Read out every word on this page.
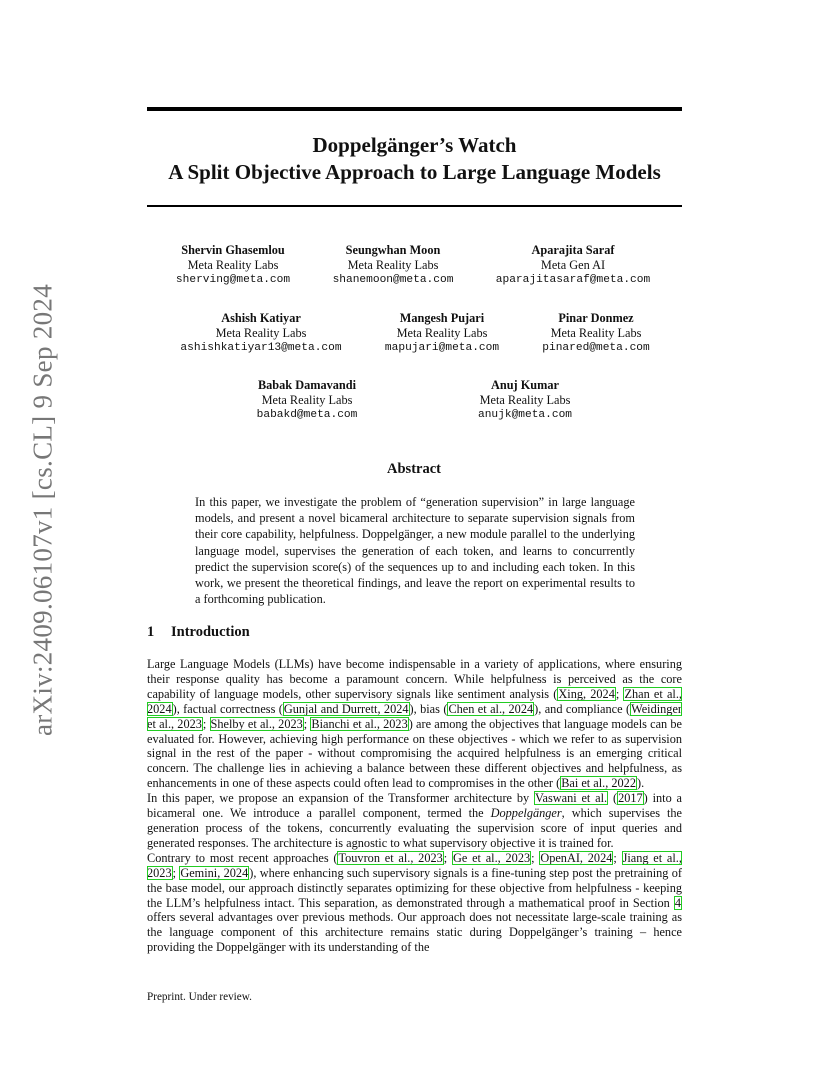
arXiv:2409.06107v1 [cs.CL] 9 Sep 2024
Doppelgänger’s Watch
A Split Objective Approach to Large Language Models
Shervin Ghasemlou
Meta Reality Labs
sherving@meta.com
Seungwhan Moon
Meta Reality Labs
shanemoon@meta.com
Aparajita Saraf
Meta Gen AI
aparajitasaraf@meta.com
Ashish Katiyar
Meta Reality Labs
ashishkatiyar13@meta.com
Mangesh Pujari
Meta Reality Labs
mapujari@meta.com
Pinar Donmez
Meta Reality Labs
pinared@meta.com
Babak Damavandi
Meta Reality Labs
babakd@meta.com
Anuj Kumar
Meta Reality Labs
anujk@meta.com
Abstract
In this paper, we investigate the problem of “generation supervision” in large language models, and present a novel bicameral architecture to separate supervision signals from their core capability, helpfulness. Doppelgänger, a new module parallel to the underlying language model, supervises the generation of each token, and learns to concurrently predict the supervision score(s) of the sequences up to and including each token. In this work, we present the theoretical findings, and leave the report on experimental results to a forthcoming publication.
1 Introduction

Large Language Models (LLMs) have become indispensable in a variety of applications, where ensuring their response quality has become a paramount concern. While helpfulness is perceived as the core capability of language models, other supervisory signals like sentiment analysis (Xing, 2024; Zhan et al., 2024), factual correctness (Gunjal and Durrett, 2024), bias (Chen et al., 2024), and compliance (Weidinger et al., 2023; Shelby et al., 2023; Bianchi et al., 2023) are among the objectives that language models can be evaluated for. However, achieving high performance on these objectives - which we refer to as supervision signal in the rest of the paper - without compromising the acquired helpfulness is an emerging critical concern. The challenge lies in achieving a balance between these different objectives and helpfulness, as enhancements in one of these aspects could often lead to compromises in the other (Bai et al., 2022).

In this paper, we propose an expansion of the Transformer architecture by Vaswani et al. (2017) into a bicameral one. We introduce a parallel component, termed the Doppelgänger, which supervises the generation process of the tokens, concurrently evaluating the supervision score of input queries and generated responses. The architecture is agnostic to what supervisory objective it is trained for.

Contrary to most recent approaches (Touvron et al., 2023; Ge et al., 2023; OpenAI, 2024; Jiang et al., 2023; Gemini, 2024), where enhancing such supervisory signals is a fine-tuning step post the pretraining of the base model, our approach distinctly separates optimizing for these objective from helpfulness - keeping the LLM’s helpfulness intact. This separation, as demonstrated through a mathematical proof in Section 4 offers several advantages over previous methods. Our approach does not necessitate large-scale training as the language component of this architecture remains static during Doppelgänger’s training – hence providing the Doppelgänger with its understanding of the

Preprint. Under review.
